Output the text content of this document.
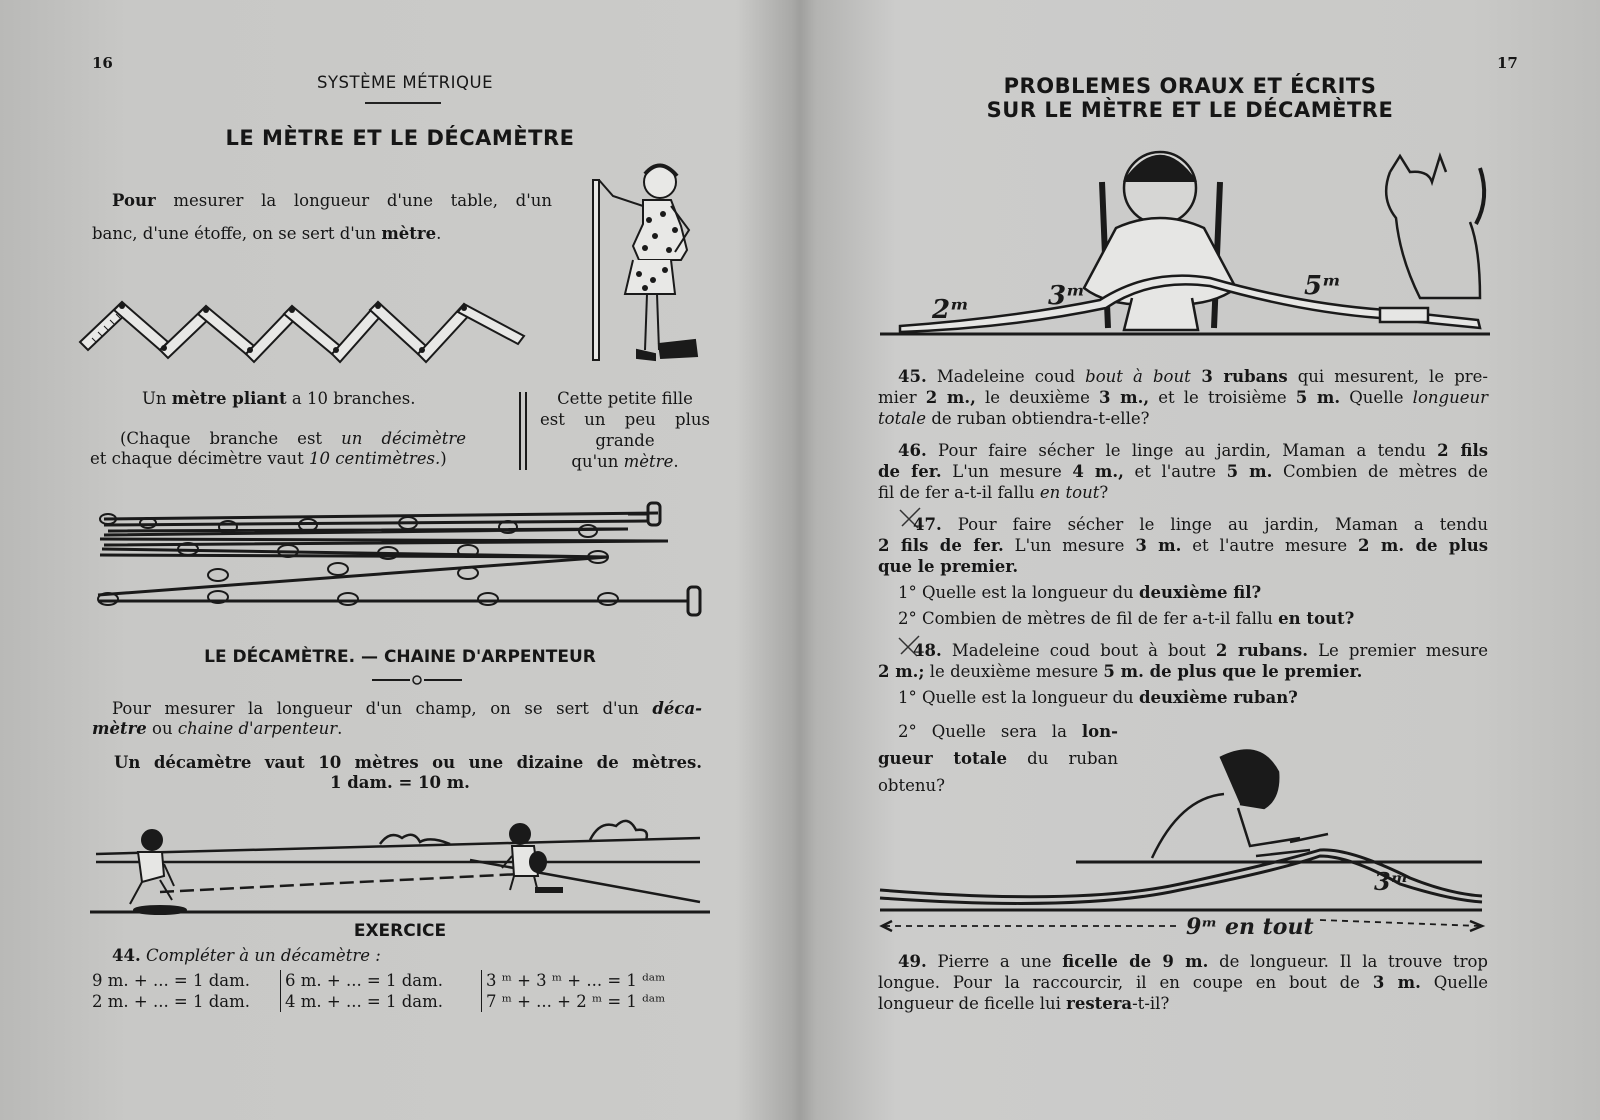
16
SYSTÈME MÉTRIQUE
LE MÈTRE ET LE DÉCAMÈTRE
Pour mesurer la longueur d'une table, d'un
banc, d'une étoffe, on se sert d'un mètre.
Un mètre pliant a 10 branches.
(Chaque branche est un décimètre
et chaque décimètre vaut 10 centimètres.)
Cette petite fille
est un peu plus
grande
qu'un mètre.
LE DÉCAMÈTRE. — CHAINE D'ARPENTEUR
Pour mesurer la longueur d'un champ, on se sert d'un déca-
mètre ou chaine d'arpenteur.
Un décamètre vaut 10 mètres ou une dizaine de mètres.
1 dam. = 10 m.
EXERCICE
44. Compléter à un décamètre :
9 m. + ... = 1 dam.	6 m. + ... = 1 dam.	3 ᵐ + 3 ᵐ + ... = 1 ᵈᵃᵐ
2 m. + ... = 1 dam.	4 m. + ... = 1 dam.	7 ᵐ + ... + 2 ᵐ = 1 ᵈᵃᵐ
17
PROBLEMES ORAUX ET ÉCRITS
SUR LE MÈTRE ET LE DÉCAMÈTRE
2ᵐ	3ᵐ	5ᵐ
45. Madeleine coud bout à bout 3 rubans qui mesurent, le pre-
mier 2 m., le deuxième 3 m., et le troisième 5 m. Quelle longueur
totale de ruban obtiendra-t-elle?
46. Pour faire sécher le linge au jardin, Maman a tendu 2 fils
de fer. L'un mesure 4 m., et l'autre 5 m. Combien de mètres de
fil de fer a-t-il fallu en tout?
47. Pour faire sécher le linge au jardin, Maman a tendu
2 fils de fer. L'un mesure 3 m. et l'autre mesure 2 m. de plus
que le premier.
1° Quelle est la longueur du deuxième fil?
2° Combien de mètres de fil de fer a-t-il fallu en tout?
48. Madeleine coud bout à bout 2 rubans. Le premier mesure
2 m.; le deuxième mesure 5 m. de plus que le premier.
1° Quelle est la longueur du deuxième ruban?
2° Quelle sera la lon-
gueur totale du ruban
obtenu?
3ᵐ
9ᵐ en tout
49. Pierre a une ficelle de 9 m. de longueur. Il la trouve trop
longue. Pour la raccourcir, il en coupe en bout de 3 m. Quelle
longueur de ficelle lui restera-t-il?
